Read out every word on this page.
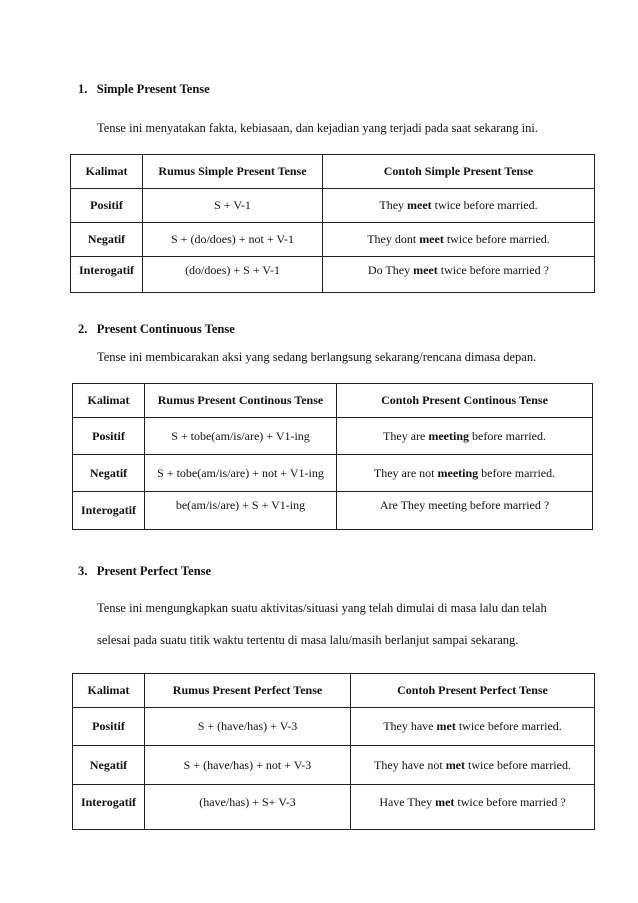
1. Simple Present Tense
Tense ini menyatakan fakta, kebiasaan, dan kejadian yang terjadi pada saat sekarang ini.
Kalimat	Rumus Simple Present Tense	Contoh Simple Present Tense
Positif	S + V-1	They meet twice before married.
Negatif	S + (do/does) + not + V-1	They dont meet twice before married.
Interogatif	(do/does) + S + V-1	Do They meet twice before married ?
2. Present Continuous Tense
Tense ini membicarakan aksi yang sedang berlangsung sekarang/rencana dimasa depan.
Kalimat	Rumus Present Continous Tense	Contoh Present Continous Tense
Positif	S + tobe(am/is/are) + V1-ing	They are meeting before married.
Negatif	S + tobe(am/is/are) + not + V1-ing	They are not meeting before married.
Interogatif	be(am/is/are) + S + V1-ing	Are They meeting before married ?
3. Present Perfect Tense
Tense ini mengungkapkan suatu aktivitas/situasi yang telah dimulai di masa lalu dan telah
selesai pada suatu titik waktu tertentu di masa lalu/masih berlanjut sampai sekarang.
Kalimat	Rumus Present Perfect Tense	Contoh Present Perfect Tense
Positif	S + (have/has) + V-3	They have met twice before married.
Negatif	S + (have/has) + not + V-3	They have not met twice before married.
Interogatif	(have/has) + S+ V-3	Have They met twice before married ?
